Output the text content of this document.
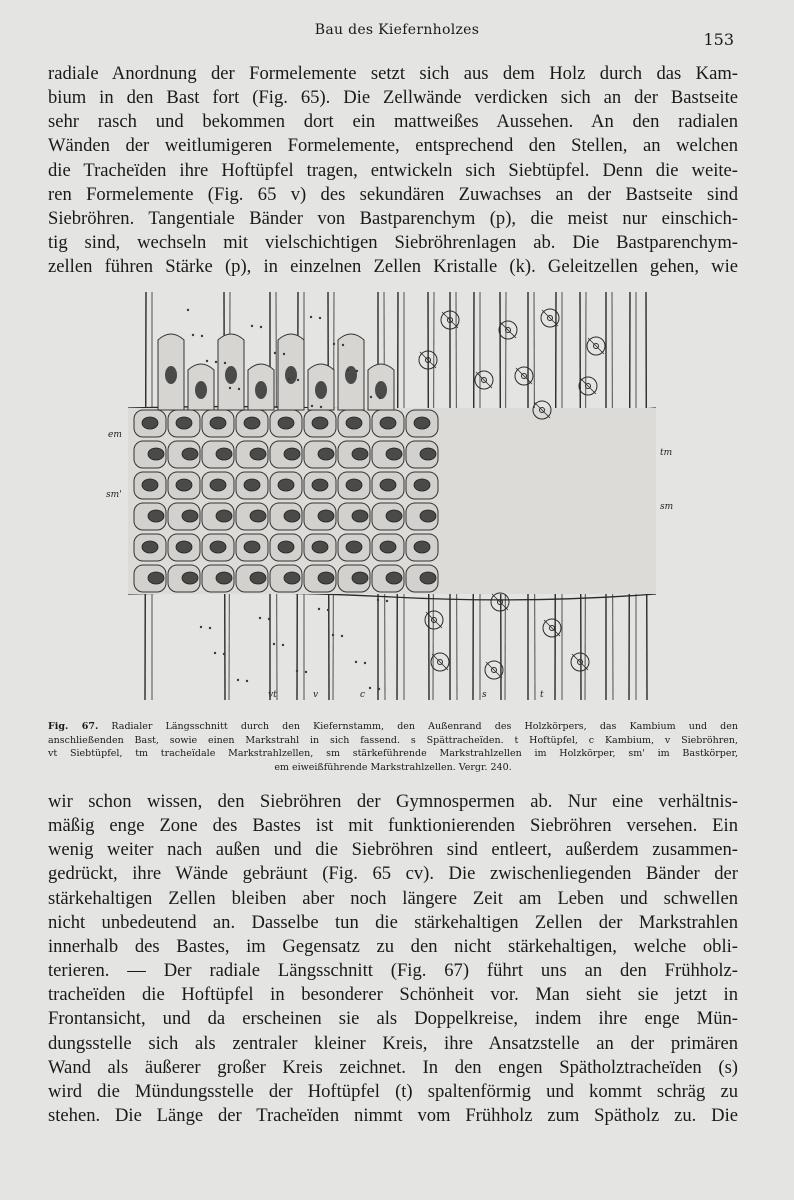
Bau des Kiefernholzes	153

radiale Anordnung der Formelemente setzt sich aus dem Holz durch das Kam-
bium in den Bast fort (Fig. 65). Die Zellwände verdicken sich an der Bastseite
sehr rasch und bekommen dort ein mattweißes Aussehen. An den radialen
Wänden der weitlumigeren Formelemente, entsprechend den Stellen, an welchen
die Tracheïden ihre Hoftüpfel tragen, entwickeln sich Siebtüpfel. Denn die weite-
ren Formelemente (Fig. 65 v) des sekundären Zuwachses an der Bastseite sind
Siebröhren. Tangentiale Bänder von Bastparenchym (p), die meist nur einschich-
tig sind, wechseln mit vielschichtigen Siebröhrenlagen ab. Die Bastparenchym-
zellen führen Stärke (p), in einzelnen Zellen Kristalle (k). Geleitzellen gehen, wie

em
sm'
tm
sm
vt	v	c	s	t

Fig. 67. Radialer Längsschnitt durch den Kiefernstamm, den Außenrand des Holzkörpers, das Kambium und den
anschließenden Bast, sowie einen Markstrahl in sich fassend. s Spättracheïden. t Hoftüpfel, c Kambium, v Siebröhren,
vt Siebtüpfel, tm tracheïdale Markstrahlzellen, sm stärkeführende Markstrahlzellen im Holzkörper, sm' im Bastkörper,
em eiweißführende Markstrahlzellen. Vergr. 240.

wir schon wissen, den Siebröhren der Gymnospermen ab. Nur eine verhältnis-
mäßig enge Zone des Bastes ist mit funktionierenden Siebröhren versehen. Ein
wenig weiter nach außen und die Siebröhren sind entleert, außerdem zusammen-
gedrückt, ihre Wände gebräunt (Fig. 65 cv). Die zwischenliegenden Bänder der
stärkehaltigen Zellen bleiben aber noch längere Zeit am Leben und schwellen
nicht unbedeutend an. Dasselbe tun die stärkehaltigen Zellen der Markstrahlen
innerhalb des Bastes, im Gegensatz zu den nicht stärkehaltigen, welche obli-
terieren. — Der radiale Längsschnitt (Fig. 67) führt uns an den Frühholz-
tracheïden die Hoftüpfel in besonderer Schönheit vor. Man sieht sie jetzt in
Frontansicht, und da erscheinen sie als Doppelkreise, indem ihre enge Mün-
dungsstelle sich als zentraler kleiner Kreis, ihre Ansatzstelle an der primären
Wand als äußerer großer Kreis zeichnet. In den engen Spätholztracheïden (s)
wird die Mündungsstelle der Hoftüpfel (t) spaltenförmig und kommt schräg zu
stehen. Die Länge der Tracheïden nimmt vom Frühholz zum Spätholz zu. Die
